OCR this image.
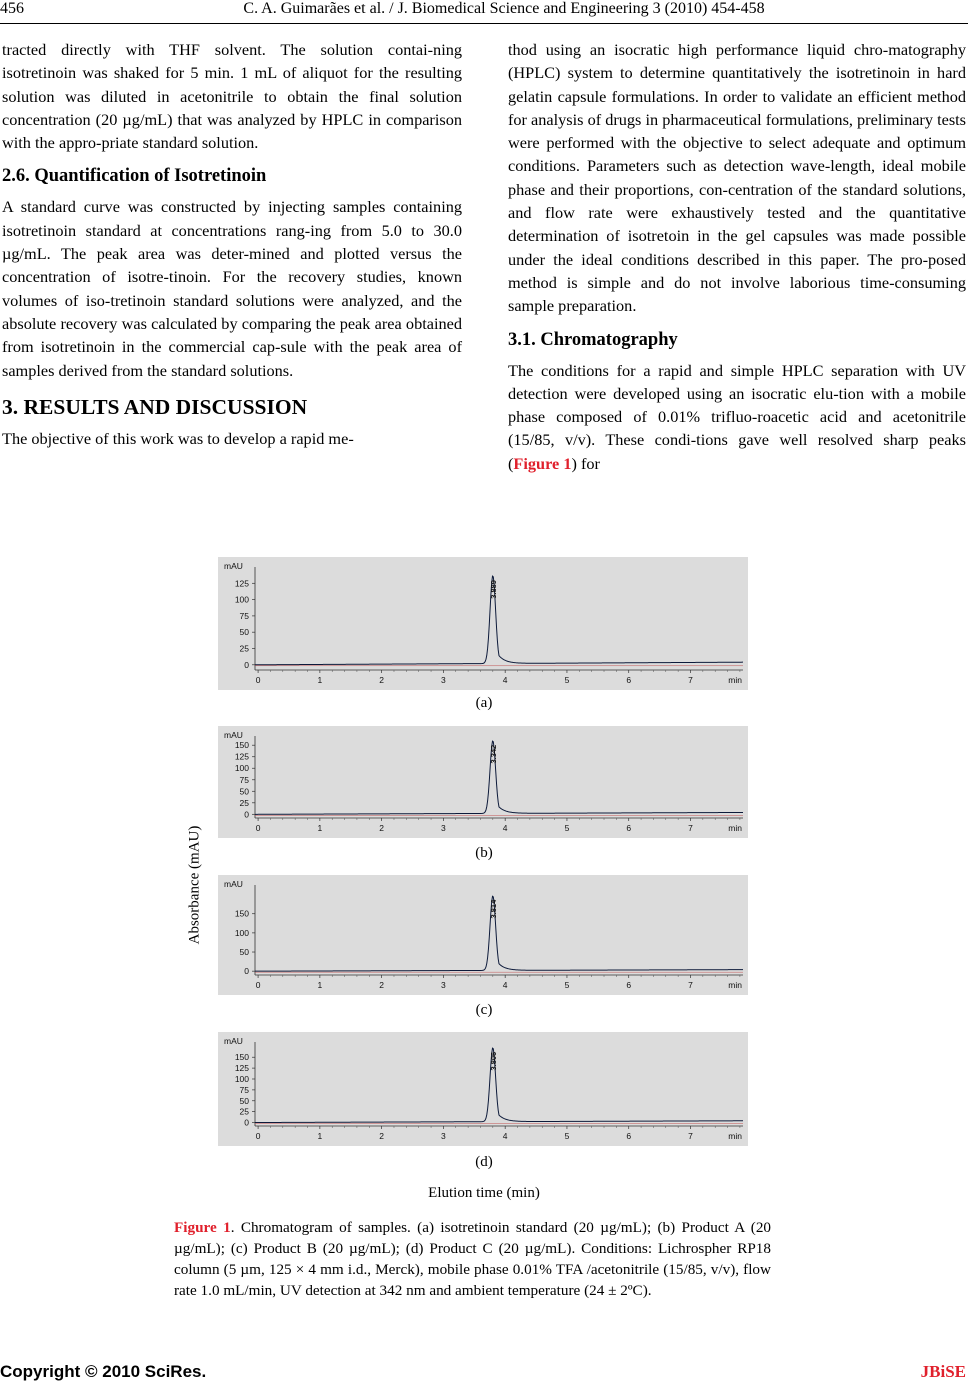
456	C. A. Guimarães et al. / J. Biomedical Science and Engineering 3 (2010) 454-458

tracted directly with THF solvent. The solution contai-ning isotretinoin was shaked for 5 min. 1 mL of aliquot for the resulting solution was diluted in acetonitrile to obtain the final solution concentration (20 µg/mL) that was analyzed by HPLC in comparison with the appro-priate standard solution.

2.6. Quantification of Isotretinoin

A standard curve was constructed by injecting samples containing isotretinoin standard at concentrations rang-ing from 5.0 to 30.0 µg/mL. The peak area was deter-mined and plotted versus the concentration of isotre-tinoin. For the recovery studies, known volumes of iso-tretinoin standard solutions were analyzed, and the absolute recovery was calculated by comparing the peak area obtained from isotretinoin in the commercial cap-sule with the peak area of samples derived from the standard solutions.

3. RESULTS AND DISCUSSION

The objective of this work was to develop a rapid me-

thod using an isocratic high performance liquid chro-matography (HPLC) system to determine quantitatively the isotretinoin in hard gelatin capsule formulations. In order to validate an efficient method for analysis of drugs in pharmaceutical formulations, preliminary tests were performed with the objective to select adequate and optimum conditions. Parameters such as detection wave-length, ideal mobile phase and their proportions, con-centration of the standard solutions, and flow rate were exhaustively tested and the quantitative determination of isotretoin in the gel capsules was made possible under the ideal conditions described in this paper. The pro-posed method is simple and do not involve laborious time-consuming sample preparation.

3.1. Chromatography

The conditions for a rapid and simple HPLC separation with UV detection were developed using an isocratic elu-tion with a mobile phase composed of 0.01% trifluo-roacetic acid and acetonitrile (15/85, v/v). These condi-tions gave well resolved sharp peaks (Figure 1) for

mAU
0
25
50
75
100
125
0	1	2	3	4	5	6	7	min
3.889
(a)
mAU
0
25
50
75
100
125
150
0	1	2	3	4	5	6	7	min
3.342
(b)
mAU
0
50
100
150
0	1	2	3	4	5	6	7	min
3.814
(c)
mAU
0
25
50
75
100
125
150
0	1	2	3	4	5	6	7	min
3.806
(d)
Absorbance (mAU)
Elution time (min)
Figure 1. Chromatogram of samples. (a) isotretinoin standard (20 µg/mL); (b) Product A (20 µg/mL); (c) Product B (20 µg/mL); (d) Product C (20 µg/mL). Conditions: Lichrospher RP18 column (5 µm, 125 × 4 mm i.d., Merck), mobile phase 0.01% TFA /acetonitrile (15/85, v/v), flow rate 1.0 mL/min, UV detection at 342 nm and ambient temperature (24 ± 2ºC).
Copyright © 2010 SciRes.	JBiSE
